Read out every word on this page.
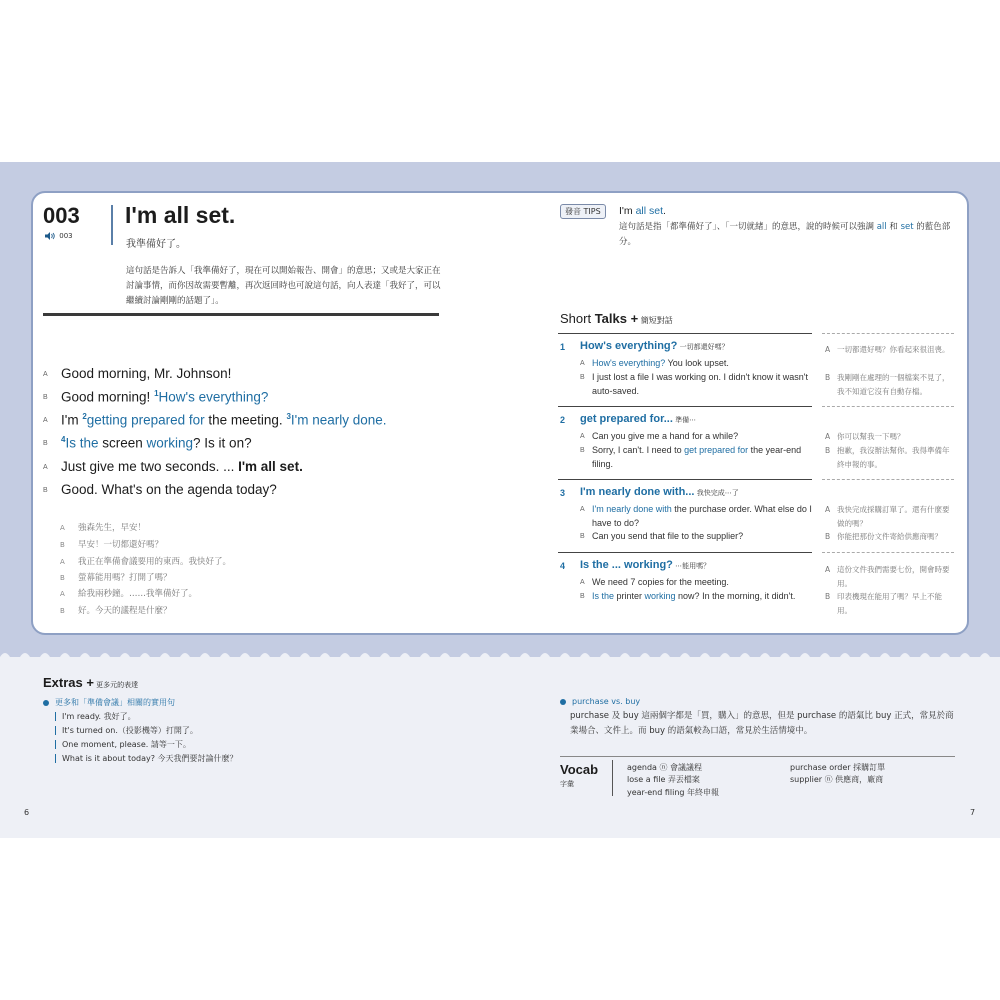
003
003
I'm all set.
我準備好了。
這句話是告訴人「我準備好了，現在可以開始報告、開會」的意思；又或是大家正在討論事情，而你因故需要暫離，再次返回時也可說這句話，向人表達「我好了，可以繼續討論剛剛的話題了」。
A Good morning, Mr. Johnson!
B Good morning! $^1$How's everything?
A I'm $^2$getting prepared for the meeting. $^3$I'm nearly done.
B $^4$Is the screen working? Is it on?
A Just give me two seconds. ... I'm all set.
B Good. What's on the agenda today?
A 強森先生，早安！
B 早安！一切都還好嗎？
A 我正在準備會議要用的東西。我快好了。
B 螢幕能用嗎？打開了嗎？
A 給我兩秒鐘。……我準備好了。
B 好。今天的議程是什麼？
發音 TIPS	I'm all set.
這句話是指「都準備好了」、「一切就緒」的意思，說的時候可以強調 all 和 set 的藍色部分。
Short Talks + 簡短對話
1 How's everything? 一切都還好嗎？
A How's everything? You look upset.
B I just lost a file I was working on. I didn't know it wasn't auto-saved.
A 一切都還好嗎？你看起來很沮喪。
B 我剛剛在處理的一個檔案不見了，我不知道它沒有自動存檔。
2 get prepared for... 準備⋯
A Can you give me a hand for a while?
B Sorry, I can't. I need to get prepared for the year-end filing.
A 你可以幫我一下嗎？
B 抱歉，我沒辦法幫你。我得準備年終申報的事。
3 I'm nearly done with... 我快完成⋯了
A I'm nearly done with the purchase order. What else do I have to do?
B Can you send that file to the supplier?
A 我快完成採購訂單了。還有什麼要做的嗎？
B 你能把那份文件寄給供應商嗎？
4 Is the ... working? ⋯能用嗎？
A We need 7 copies for the meeting.
B Is the printer working now? In the morning, it didn't.
A 這份文件我們需要七份，開會時要用。
B 印表機現在能用了嗎？早上不能用。
Extras + 更多元的表達
更多和「準備會議」相關的實用句
I'm ready. 我好了。
It's turned on.（投影機等）打開了。
One moment, please. 請等一下。
What is it about today? 今天我們要討論什麼？
purchase vs. buy
purchase 及 buy 這兩個字都是「買，購入」的意思，但是 purchase 的語氣比 buy 正式，常見於商業場合、文件上。而 buy 的語氣較為口語，常見於生活情境中。
Vocab
字彙
agenda ⓝ 會議議程
lose a file 弄丟檔案
year-end filing 年終申報
purchase order 採購訂單
supplier ⓝ 供應商，廠商
6	7
